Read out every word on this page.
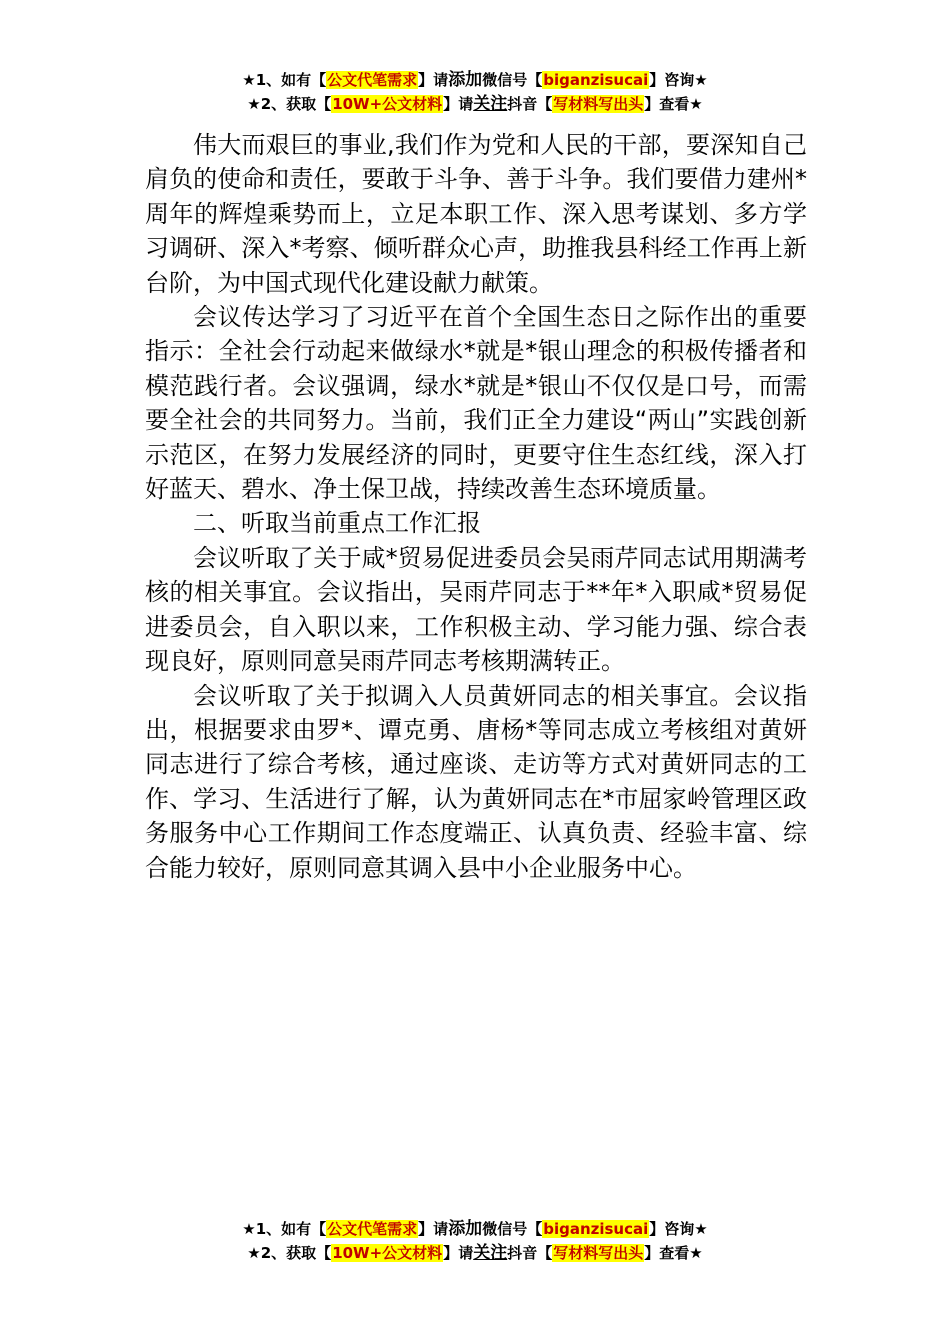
★1、如有【公文代笔需求】请添加微信号【biganzisucai】咨询★
★2、获取【10W+公文材料】请关注抖音【写材料写出头】查看★

伟大而艰巨的事业,我们作为党和人民的干部，要深知自己肩负的使命和责任，要敢于斗争、善于斗争。我们要借力建州*周年的辉煌乘势而上，立足本职工作、深入思考谋划、多方学习调研、深入*考察、倾听群众心声，助推我县科经工作再上新台阶，为中国式现代化建设献力献策。

会议传达学习了习近平在首个全国生态日之际作出的重要指示：全社会行动起来做绿水*就是*银山理念的积极传播者和模范践行者。会议强调，绿水*就是*银山不仅仅是口号，而需要全社会的共同努力。当前，我们正全力建设“两山”实践创新示范区，在努力发展经济的同时，更要守住生态红线，深入打好蓝天、碧水、净土保卫战，持续改善生态环境质量。

二、听取当前重点工作汇报

会议听取了关于咸*贸易促进委员会吴雨芹同志试用期满考核的相关事宜。会议指出，吴雨芹同志于**年*入职咸*贸易促进委员会，自入职以来，工作积极主动、学习能力强、综合表现良好，原则同意吴雨芹同志考核期满转正。

会议听取了关于拟调入人员黄妍同志的相关事宜。会议指出，根据要求由罗*、谭克勇、唐杨*等同志成立考核组对黄妍同志进行了综合考核，通过座谈、走访等方式对黄妍同志的工作、学习、生活进行了解，认为黄妍同志在*市屈家岭管理区政务服务中心工作期间工作态度端正、认真负责、经验丰富、综合能力较好，原则同意其调入县中小企业服务中心。

★1、如有【公文代笔需求】请添加微信号【biganzisucai】咨询★
★2、获取【10W+公文材料】请关注抖音【写材料写出头】查看★
